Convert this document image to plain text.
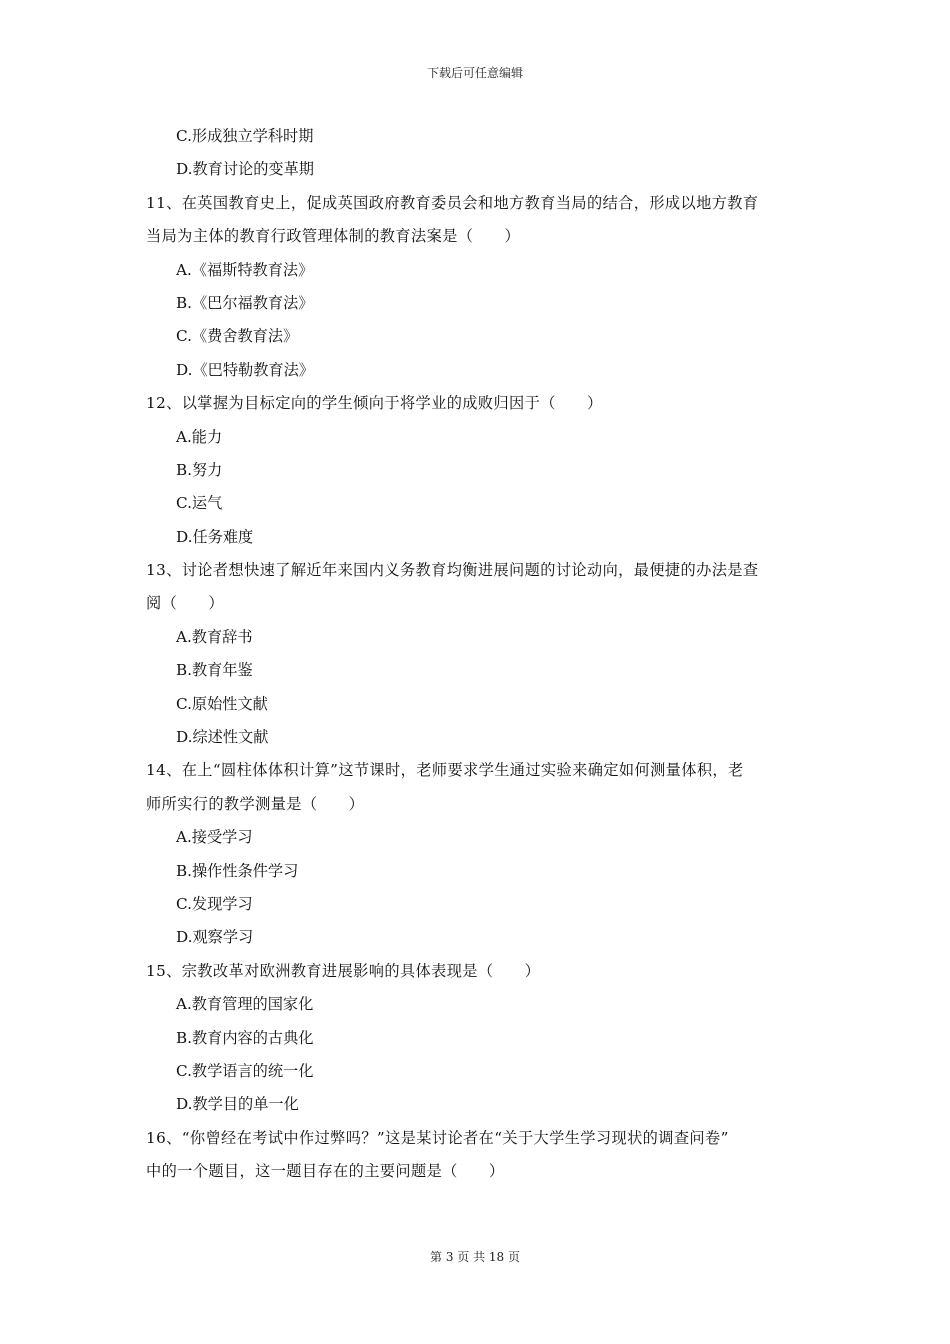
下载后可任意编辑
C.形成独立学科时期
D.教育讨论的变革期
11、在英国教育史上，促成英国政府教育委员会和地方教育当局的结合，形成以地方教育
当局为主体的教育行政管理体制的教育法案是（　　）
A.《福斯特教育法》
B.《巴尔福教育法》
C.《费舍教育法》
D.《巴特勒教育法》
12、以掌握为目标定向的学生倾向于将学业的成败归因于（　　）
A.能力
B.努力
C.运气
D.任务难度
13、讨论者想快速了解近年来国内义务教育均衡进展问题的讨论动向，最便捷的办法是查
阅（　　）
A.教育辞书
B.教育年鉴
C.原始性文献
D.综述性文献
14、在上“圆柱体体积计算”这节课时，老师要求学生通过实验来确定如何测量体积，老
师所实行的教学测量是（　　）
A.接受学习
B.操作性条件学习
C.发现学习
D.观察学习
15、宗教改革对欧洲教育进展影响的具体表现是（　　）
A.教育管理的国家化
B.教育内容的古典化
C.教学语言的统一化
D.教学目的单一化
16、“你曾经在考试中作过弊吗？”这是某讨论者在“关于大学生学习现状的调查问卷”
中的一个题目，这一题目存在的主要问题是（　　）
第 3 页 共 18 页
